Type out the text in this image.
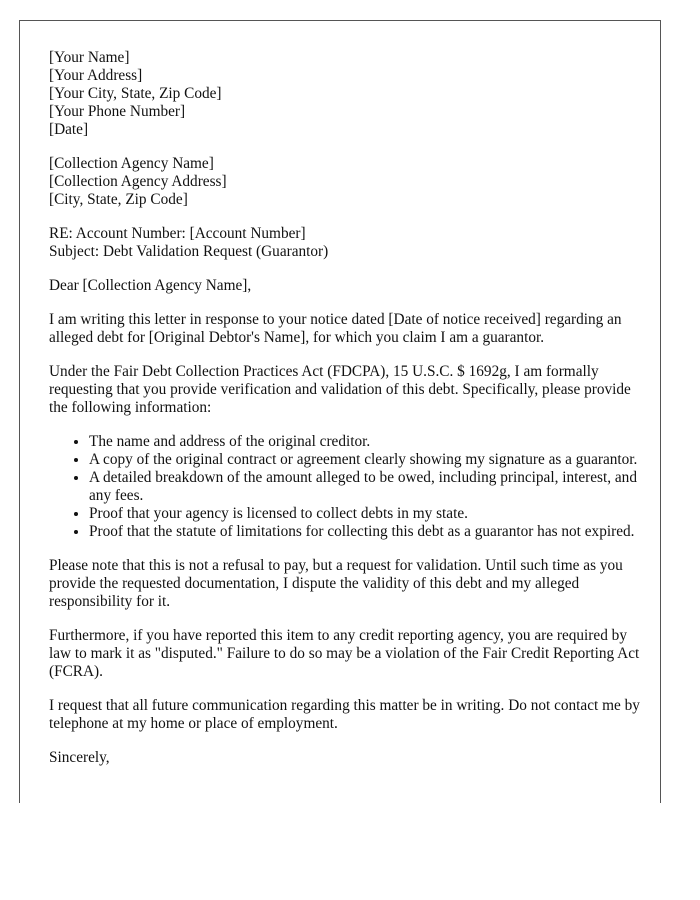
[Your Name]
[Your Address]
[Your City, State, Zip Code]
[Your Phone Number]
[Date]
[Collection Agency Name]
[Collection Agency Address]
[City, State, Zip Code]
RE: Account Number: [Account Number]
Subject: Debt Validation Request (Guarantor)

Dear [Collection Agency Name],

I am writing this letter in response to your notice dated [Date of notice received] regarding an alleged debt for [Original Debtor's Name], for which you claim I am a guarantor.

Under the Fair Debt Collection Practices Act (FDCPA), 15 U.S.C. $ 1692g, I am formally requesting that you provide verification and validation of this debt. Specifically, please provide the following information:

• The name and address of the original creditor.
• A copy of the original contract or agreement clearly showing my signature as a guarantor.
• A detailed breakdown of the amount alleged to be owed, including principal, interest, and any fees.
• Proof that your agency is licensed to collect debts in my state.
• Proof that the statute of limitations for collecting this debt as a guarantor has not expired.

Please note that this is not a refusal to pay, but a request for validation. Until such time as you provide the requested documentation, I dispute the validity of this debt and my alleged responsibility for it.

Furthermore, if you have reported this item to any credit reporting agency, you are required by law to mark it as "disputed." Failure to do so may be a violation of the Fair Credit Reporting Act (FCRA).

I request that all future communication regarding this matter be in writing. Do not contact me by telephone at my home or place of employment.

Sincerely,
